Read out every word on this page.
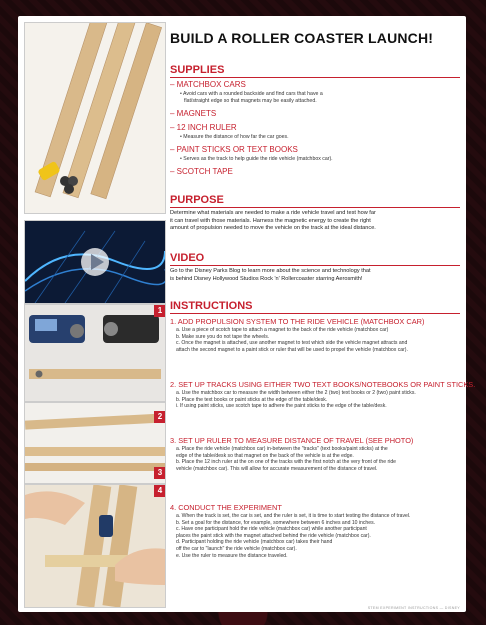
1
2
3
4
BUILD A ROLLER COASTER LAUNCH!
SUPPLIES
– MATCHBOX CARS
• Avoid cars with a rounded backside and find cars that have a
flat/straight edge so that magnets may be easily attached.
– MAGNETS
– 12 INCH RULER
• Measure the distance of how far the car goes.
– PAINT STICKS OR TEXT BOOKS
• Serves as the track to help guide the ride vehicle (matchbox car).
– SCOTCH TAPE
PURPOSE
Determine what materials are needed to make a ride vehicle travel and test how far
it can travel with those materials. Harness the magnetic energy to create the right
amount of propulsion needed to move the vehicle on the track at the ideal distance.
VIDEO
Go to the Disney Parks Blog to learn more about the science and technology that
is behind Disney Hollywood Studios Rock 'n' Rollercoaster starring Aerosmith!
INSTRUCTIONS
1. ADD PROPULSION SYSTEM TO THE RIDE VEHICLE (MATCHBOX CAR)
a. Use a piece of scotch tape to attach a magnet to the back of the ride vehicle (matchbox car)
b. Make sure you do not tape the wheels.
c. Once the magnet is attached, use another magnet to test which side the vehicle magnet attracts and
attach the second magnet to a paint stick or ruler that will be used to propel the vehicle (matchbox car).
2. SET UP TRACKS USING EITHER TWO TEXT BOOKS/NOTEBOOKS OR PAINT STICKS.
a. Use the matchbox car to measure the width between either the 2 (two) text books or 2 (two) paint sticks.
b. Place the text books or paint sticks at the edge of the table/desk.
i. If using paint sticks, use scotch tape to adhere the paint sticks to the edge of the table/desk.
3. SET UP RULER TO MEASURE DISTANCE OF TRAVEL (SEE PHOTO)
a. Place the ride vehicle (matchbox car) in-between the "tracks" (text books/paint sticks) at the
edge of the table/desk so that magnet on the back of the vehicle is at the edge.
b. Place the 12 inch ruler at the on one of the tracks with the first notch at the very front of the ride
vehicle (matchbox car). This will allow for accurate measurement of the distance of travel.
4. CONDUCT THE EXPERIMENT
a. When the track is set, the car is set, and the ruler is set, it is time to start testing the distance of travel.
b. Set a goal for the distance, for example, somewhere between 6 inches and 10 inches.
c. Have one participant hold the ride vehicle (matchbox car) while another participant
places the paint stick with the magnet attached behind the ride vehicle (matchbox car).
d. Participant holding the ride vehicle (matchbox car) takes their hand
off the car to "launch" the ride vehicle (matchbox car).
e. Use the ruler to measure the distance traveled.
STEM EXPERIMENT INSTRUCTIONS — DISNEY
